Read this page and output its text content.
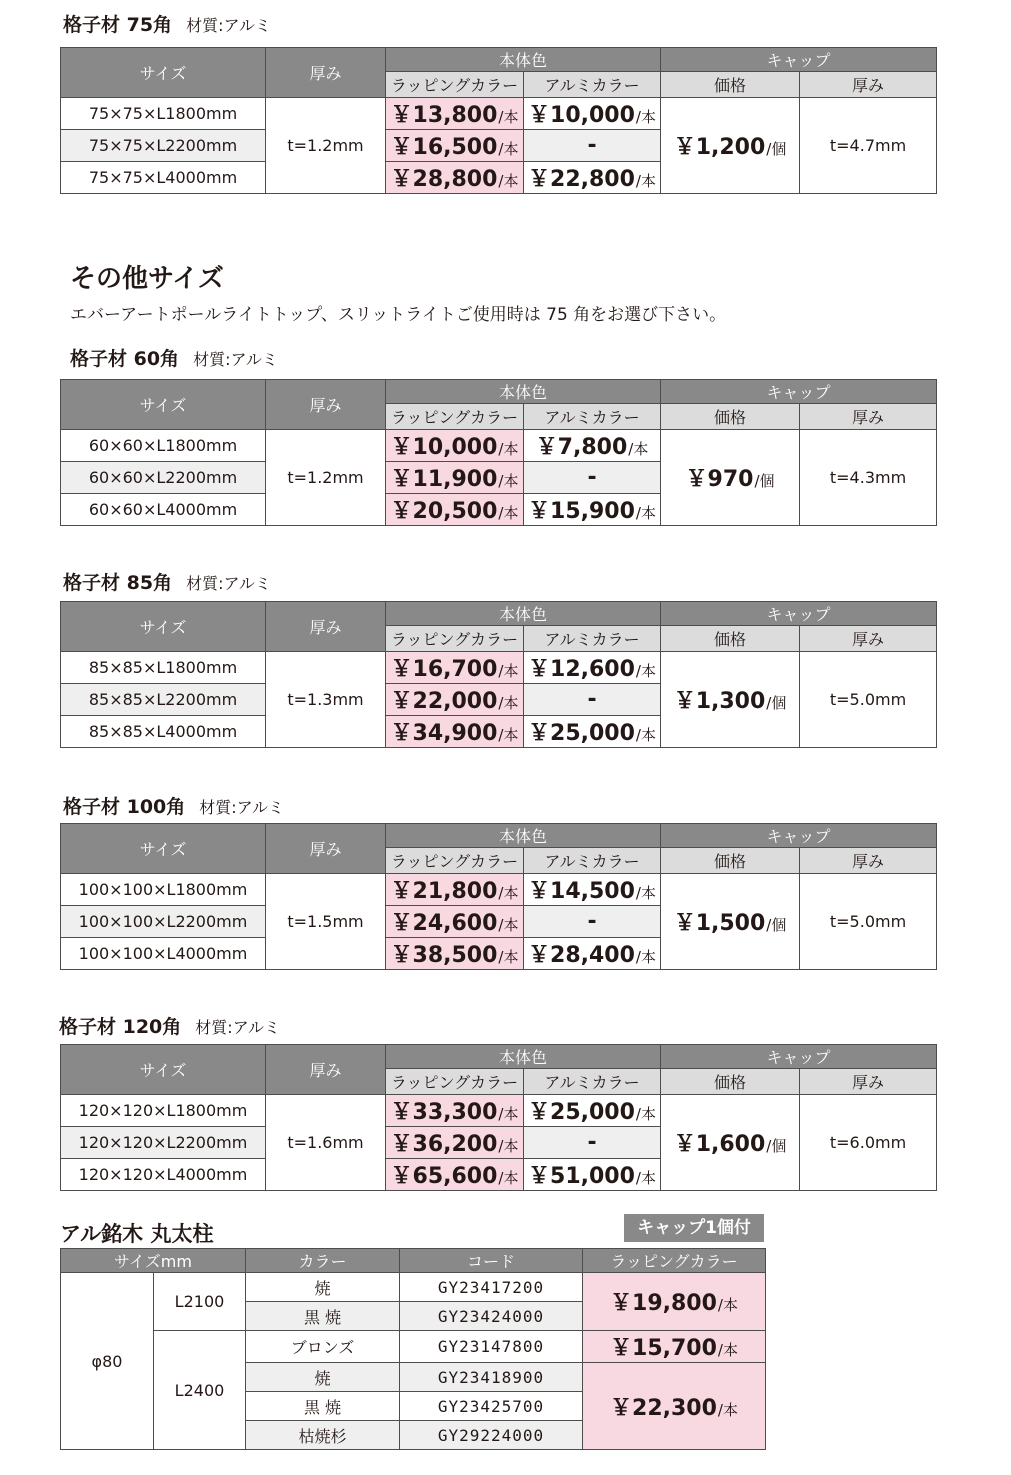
格子材 75角 材質:アルミ
サイズ	厚み	本体色		キャップ	
		ラッピングカラー	アルミカラー	価格	厚み
75×75×L1800mm	t=1.2mm	￥13,800/本	￥10,000/本	￥1,200/個	t=4.7mm
75×75×L2200mm		￥16,500/本	-		
75×75×L4000mm		￥28,800/本	￥22,800/本		
その他サイズ
エバーアートポールライトトップ、スリットライトご使用時は 75 角をお選び下さい。
格子材 60角 材質:アルミ
サイズ	厚み	本体色		キャップ	
		ラッピングカラー	アルミカラー	価格	厚み
60×60×L1800mm	t=1.2mm	￥10,000/本	￥7,800/本	￥970/個	t=4.3mm
60×60×L2200mm		￥11,900/本	-		
60×60×L4000mm		￥20,500/本	￥15,900/本		
格子材 85角 材質:アルミ
サイズ	厚み	本体色		キャップ	
		ラッピングカラー	アルミカラー	価格	厚み
85×85×L1800mm	t=1.3mm	￥16,700/本	￥12,600/本	￥1,300/個	t=5.0mm
85×85×L2200mm		￥22,000/本	-		
85×85×L4000mm		￥34,900/本	￥25,000/本		
格子材 100角 材質:アルミ
サイズ	厚み	本体色		キャップ	
		ラッピングカラー	アルミカラー	価格	厚み
100×100×L1800mm	t=1.5mm	￥21,800/本	￥14,500/本	￥1,500/個	t=5.0mm
100×100×L2200mm		￥24,600/本	-		
100×100×L4000mm		￥38,500/本	￥28,400/本		
格子材 120角 材質:アルミ
サイズ	厚み	本体色		キャップ	
		ラッピングカラー	アルミカラー	価格	厚み
120×120×L1800mm	t=1.6mm	￥33,300/本	￥25,000/本	￥1,600/個	t=6.0mm
120×120×L2200mm		￥36,200/本	-		
120×120×L4000mm		￥65,600/本	￥51,000/本		
アル銘木 丸太柱	キャップ1個付
サイズmm		カラー	コード	ラッピングカラー
φ80	L2100	焼	GY23417200	￥19,800/本
		黒 焼	GY23424000	
	L2400	ブロンズ	GY23147800	￥15,700/本
		焼	GY23418900	￥22,300/本
		黒 焼	GY23425700	
		枯焼杉	GY29224000	
